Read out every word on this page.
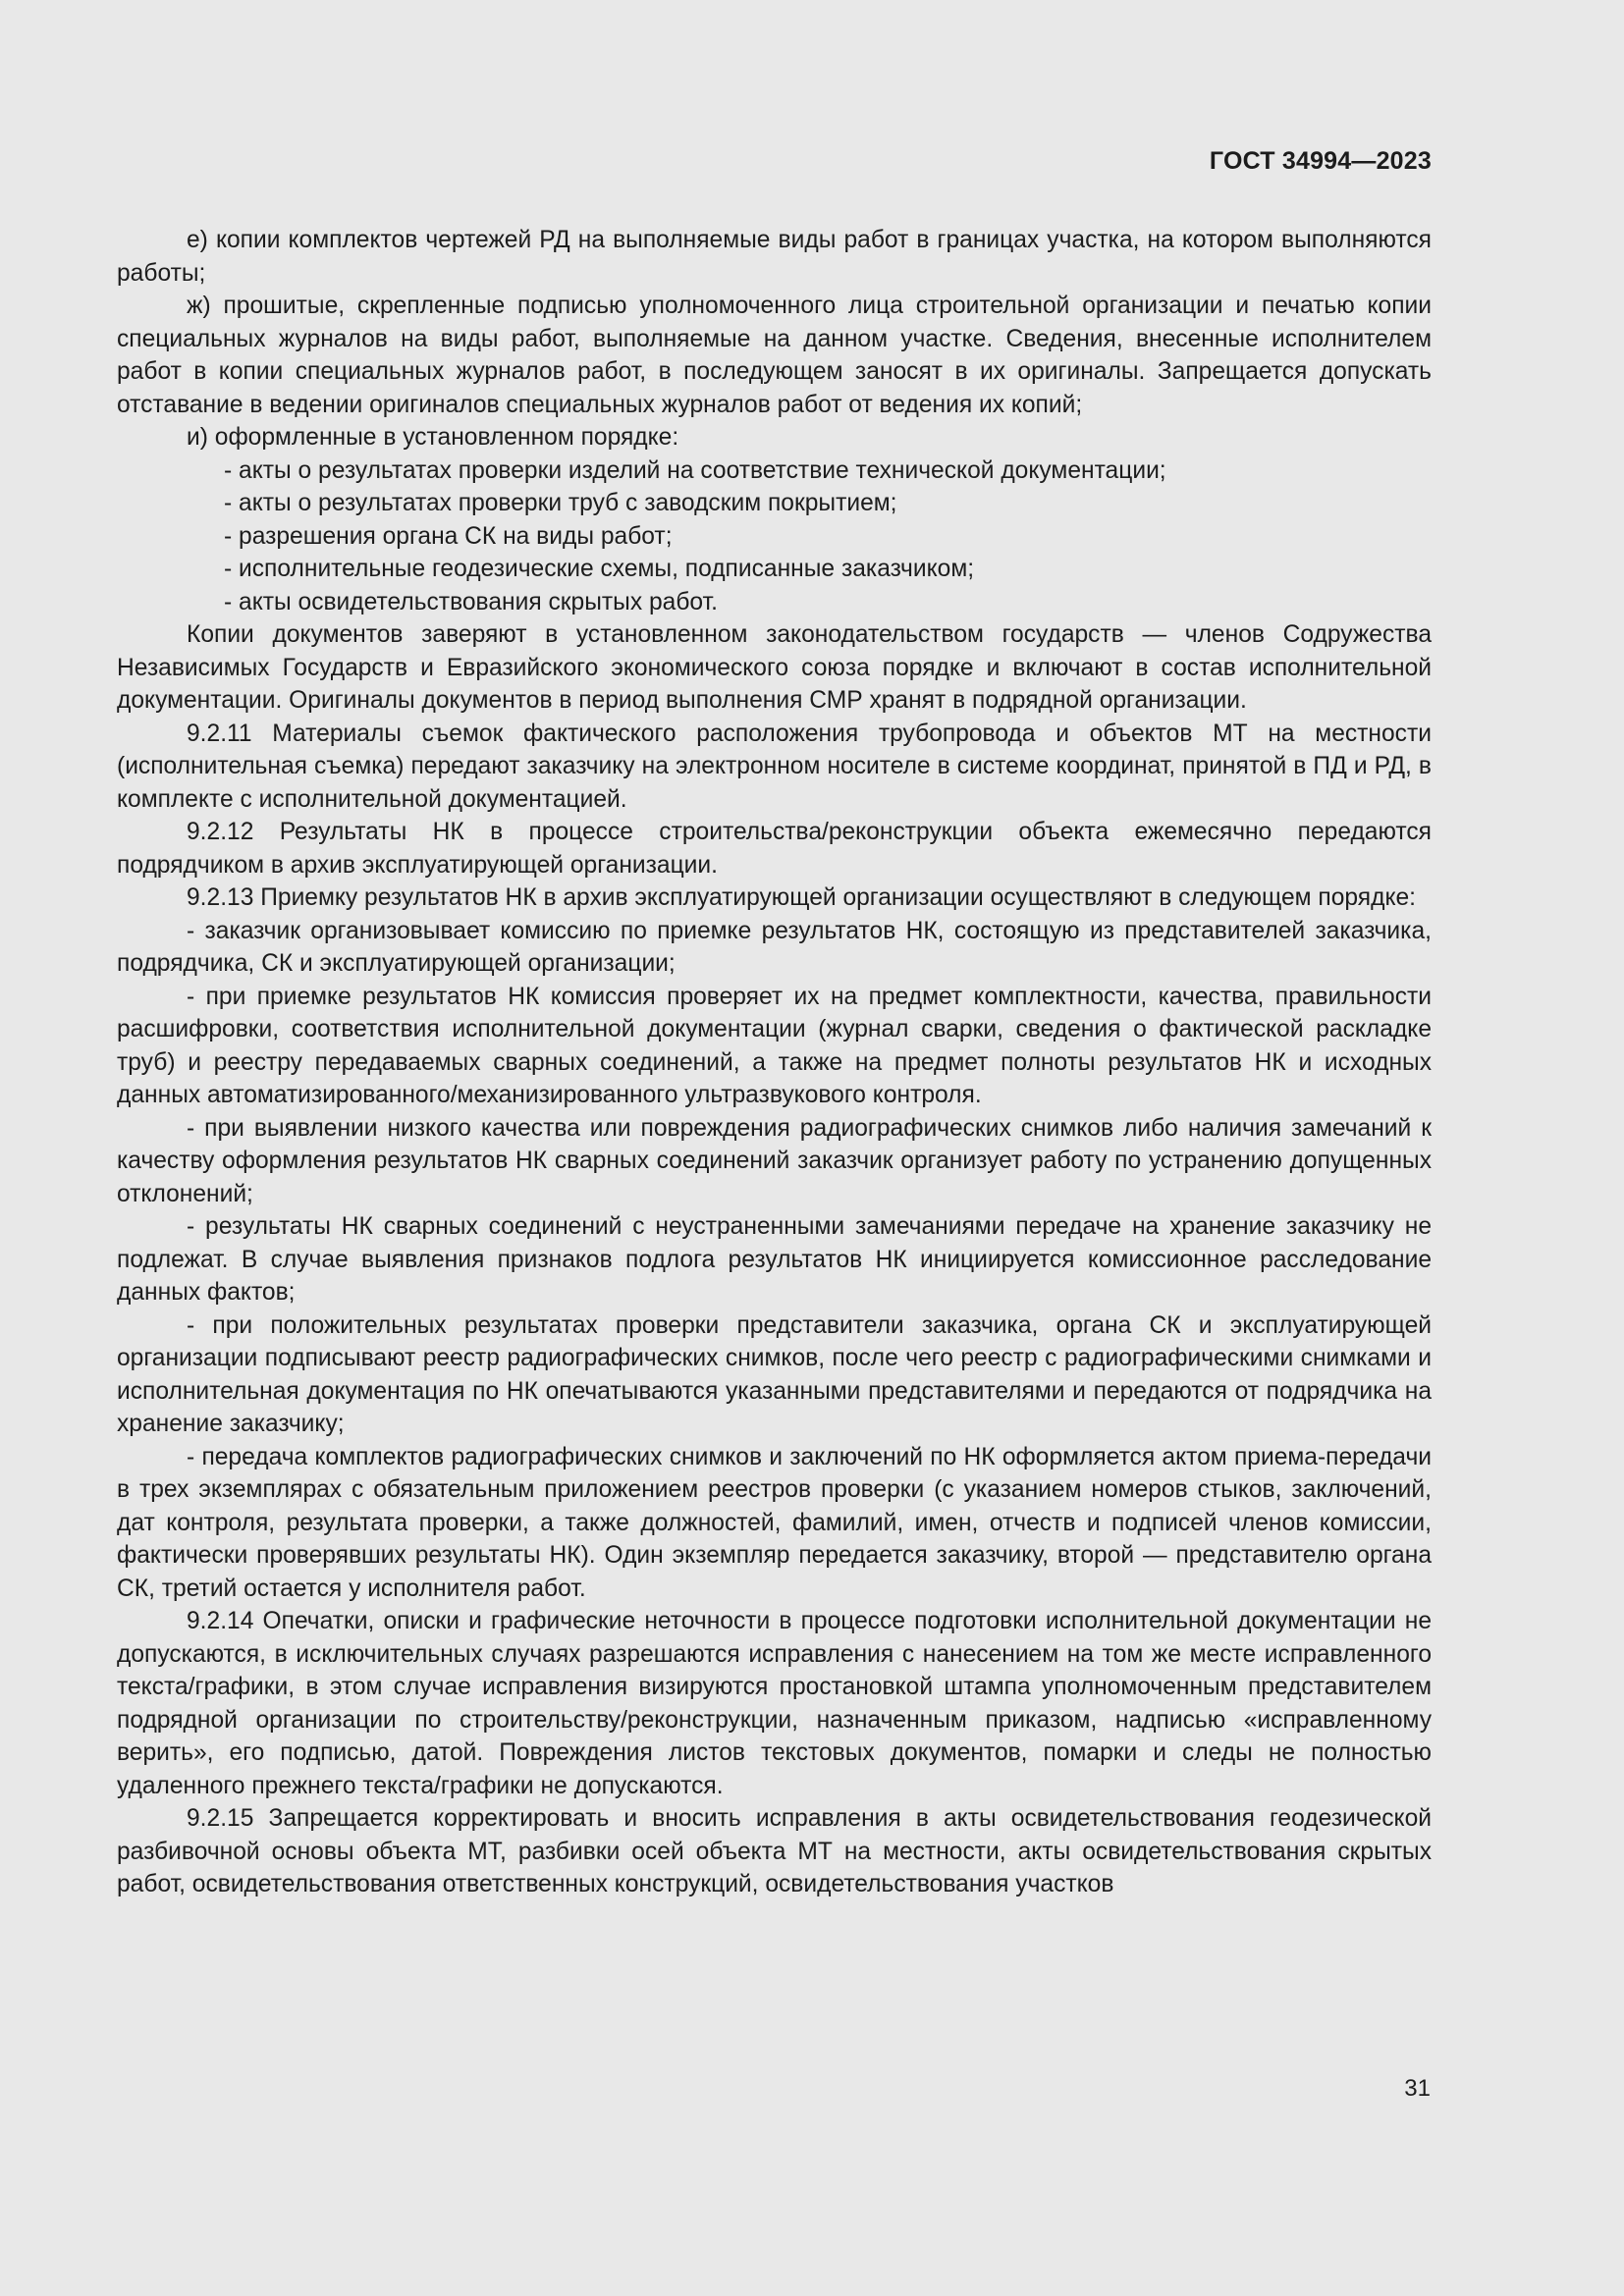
ГОСТ 34994—2023

е) копии комплектов чертежей РД на выполняемые виды работ в границах участка, на котором выполняются работы;

ж) прошитые, скрепленные подписью уполномоченного лица строительной организации и печатью копии специальных журналов на виды работ, выполняемые на данном участке. Сведения, внесенные исполнителем работ в копии специальных журналов работ, в последующем заносят в их оригиналы. Запрещается допускать отставание в ведении оригиналов специальных журналов работ от ведения их копий;

и) оформленные в установленном порядке:

- акты о результатах проверки изделий на соответствие технической документации;

- акты о результатах проверки труб с заводским покрытием;

- разрешения органа СК на виды работ;

- исполнительные геодезические схемы, подписанные заказчиком;

- акты освидетельствования скрытых работ.

Копии документов заверяют в установленном законодательством государств — членов Содружества Независимых Государств и Евразийского экономического союза порядке и включают в состав исполнительной документации. Оригиналы документов в период выполнения СМР хранят в подрядной организации.

9.2.11 Материалы съемок фактического расположения трубопровода и объектов МТ на местности (исполнительная съемка) передают заказчику на электронном носителе в системе координат, принятой в ПД и РД, в комплекте с исполнительной документацией.

9.2.12 Результаты НК в процессе строительства/реконструкции объекта ежемесячно передаются подрядчиком в архив эксплуатирующей организации.

9.2.13 Приемку результатов НК в архив эксплуатирующей организации осуществляют в следующем порядке:

- заказчик организовывает комиссию по приемке результатов НК, состоящую из представителей заказчика, подрядчика, СК и эксплуатирующей организации;

- при приемке результатов НК комиссия проверяет их на предмет комплектности, качества, правильности расшифровки, соответствия исполнительной документации (журнал сварки, сведения о фактической раскладке труб) и реестру передаваемых сварных соединений, а также на предмет полноты результатов НК и исходных данных автоматизированного/механизированного ультразвукового контроля.

- при выявлении низкого качества или повреждения радиографических снимков либо наличия замечаний к качеству оформления результатов НК сварных соединений заказчик организует работу по устранению допущенных отклонений;

- результаты НК сварных соединений с неустраненными замечаниями передаче на хранение заказчику не подлежат. В случае выявления признаков подлога результатов НК инициируется комиссионное расследование данных фактов;

- при положительных результатах проверки представители заказчика, органа СК и эксплуатирующей организации подписывают реестр радиографических снимков, после чего реестр с радиографическими снимками и исполнительная документация по НК опечатываются указанными представителями и передаются от подрядчика на хранение заказчику;

- передача комплектов радиографических снимков и заключений по НК оформляется актом приема-передачи в трех экземплярах с обязательным приложением реестров проверки (с указанием номеров стыков, заключений, дат контроля, результата проверки, а также должностей, фамилий, имен, отчеств и подписей членов комиссии, фактически проверявших результаты НК). Один экземпляр передается заказчику, второй — представителю органа СК, третий остается у исполнителя работ.

9.2.14 Опечатки, описки и графические неточности в процессе подготовки исполнительной документации не допускаются, в исключительных случаях разрешаются исправления с нанесением на том же месте исправленного текста/графики, в этом случае исправления визируются простановкой штампа уполномоченным представителем подрядной организации по строительству/реконструкции, назначенным приказом, надписью «исправленному верить», его подписью, датой. Повреждения листов текстовых документов, помарки и следы не полностью удаленного прежнего текста/графики не допускаются.

9.2.15 Запрещается корректировать и вносить исправления в акты освидетельствования геодезической разбивочной основы объекта МТ, разбивки осей объекта МТ на местности, акты освидетельствования скрытых работ, освидетельствования ответственных конструкций, освидетельствования участков

31
